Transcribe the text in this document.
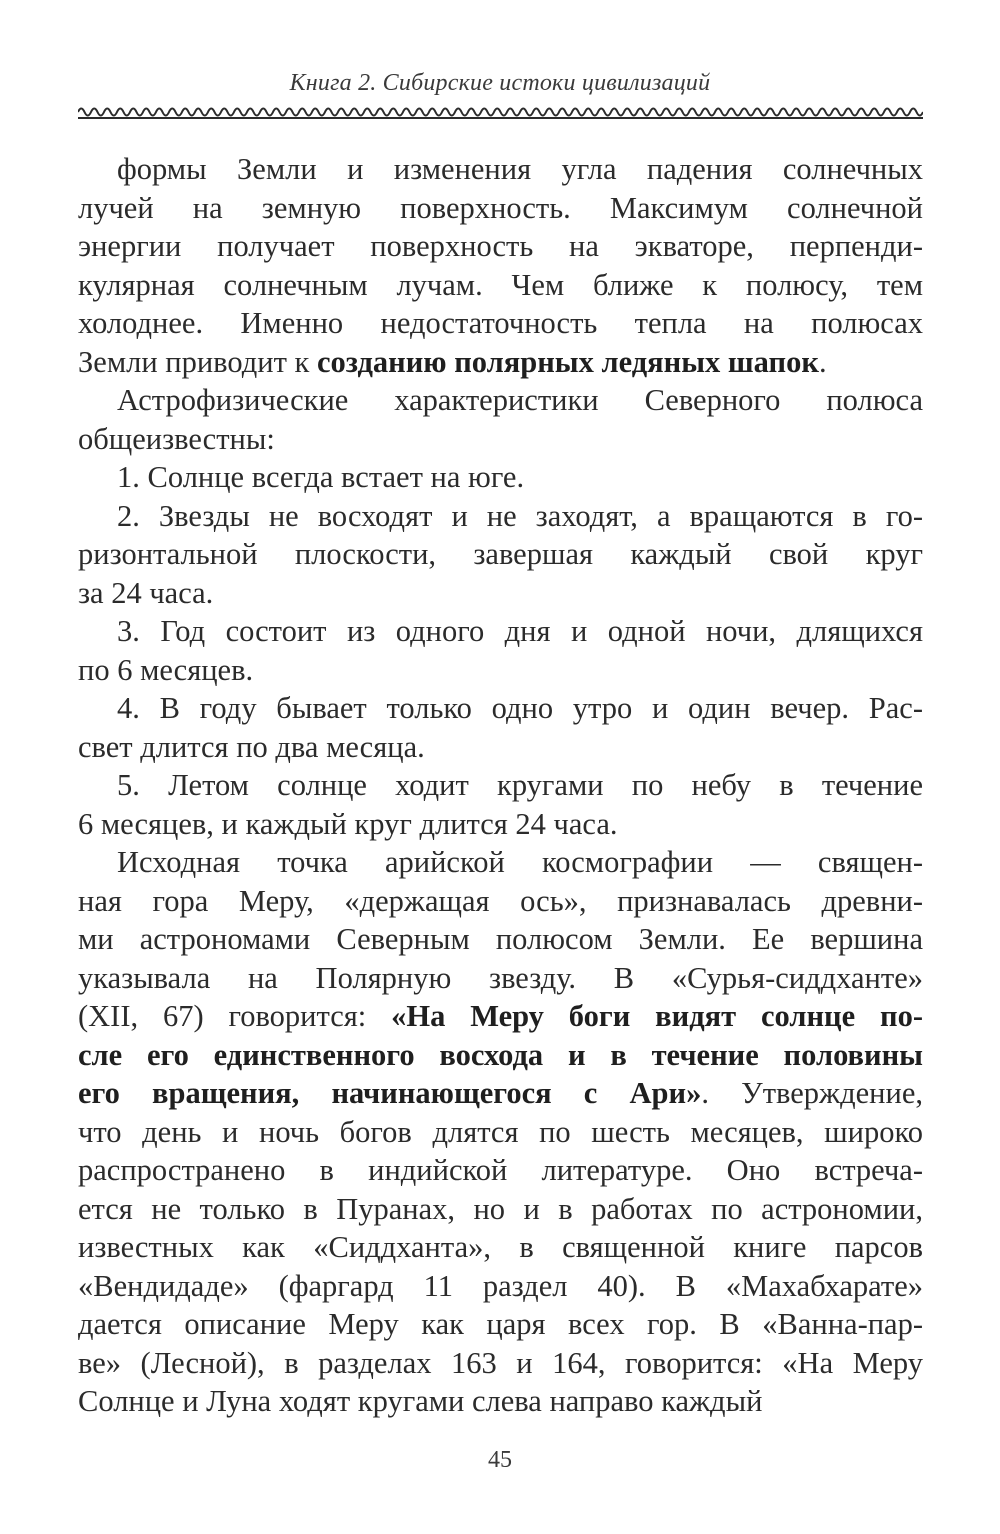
Книга 2. Сибирские истоки цивилизаций

формы Земли и изменения угла падения солнечных
лучей на земную поверхность. Максимум солнечной
энергии получает поверхность на экваторе, перпенди-
кулярная солнечным лучам. Чем ближе к полюсу, тем
холоднее. Именно недостаточность тепла на полюсах
Земли приводит к созданию полярных ледяных шапок.

Астрофизические характеристики Северного полюса
общеизвестны:

1. Солнце всегда встает на юге.

2. Звезды не восходят и не заходят, а вращаются в го-
ризонтальной плоскости, завершая каждый свой круг
за 24 часа.

3. Год состоит из одного дня и одной ночи, длящихся
по 6 месяцев.

4. В году бывает только одно утро и один вечер. Рас-
свет длится по два месяца.

5. Летом солнце ходит кругами по небу в течение
6 месяцев, и каждый круг длится 24 часа.

Исходная точка арийской космографии — священ-
ная гора Меру, «держащая ось», признавалась древни-
ми астрономами Северным полюсом Земли. Ее вершина
указывала на Полярную звезду. В «Сурья-сиддханте»
(XII, 67) говорится: «На Меру боги видят солнце по-
сле его единственного восхода и в течение половины
его вращения, начинающегося с Ари». Утверждение,
что день и ночь богов длятся по шесть месяцев, широко
распространено в индийской литературе. Оно встреча-
ется не только в Пуранах, но и в работах по астрономии,
известных как «Сиддханта», в священной книге парсов
«Вендидаде» (фаргард 11 раздел 40). В «Махабхарате»
дается описание Меру как царя всех гор. В «Ванна-пар-
ве» (Лесной), в разделах 163 и 164, говорится: «На Меру
Солнце и Луна ходят кругами слева направо каждый

45
